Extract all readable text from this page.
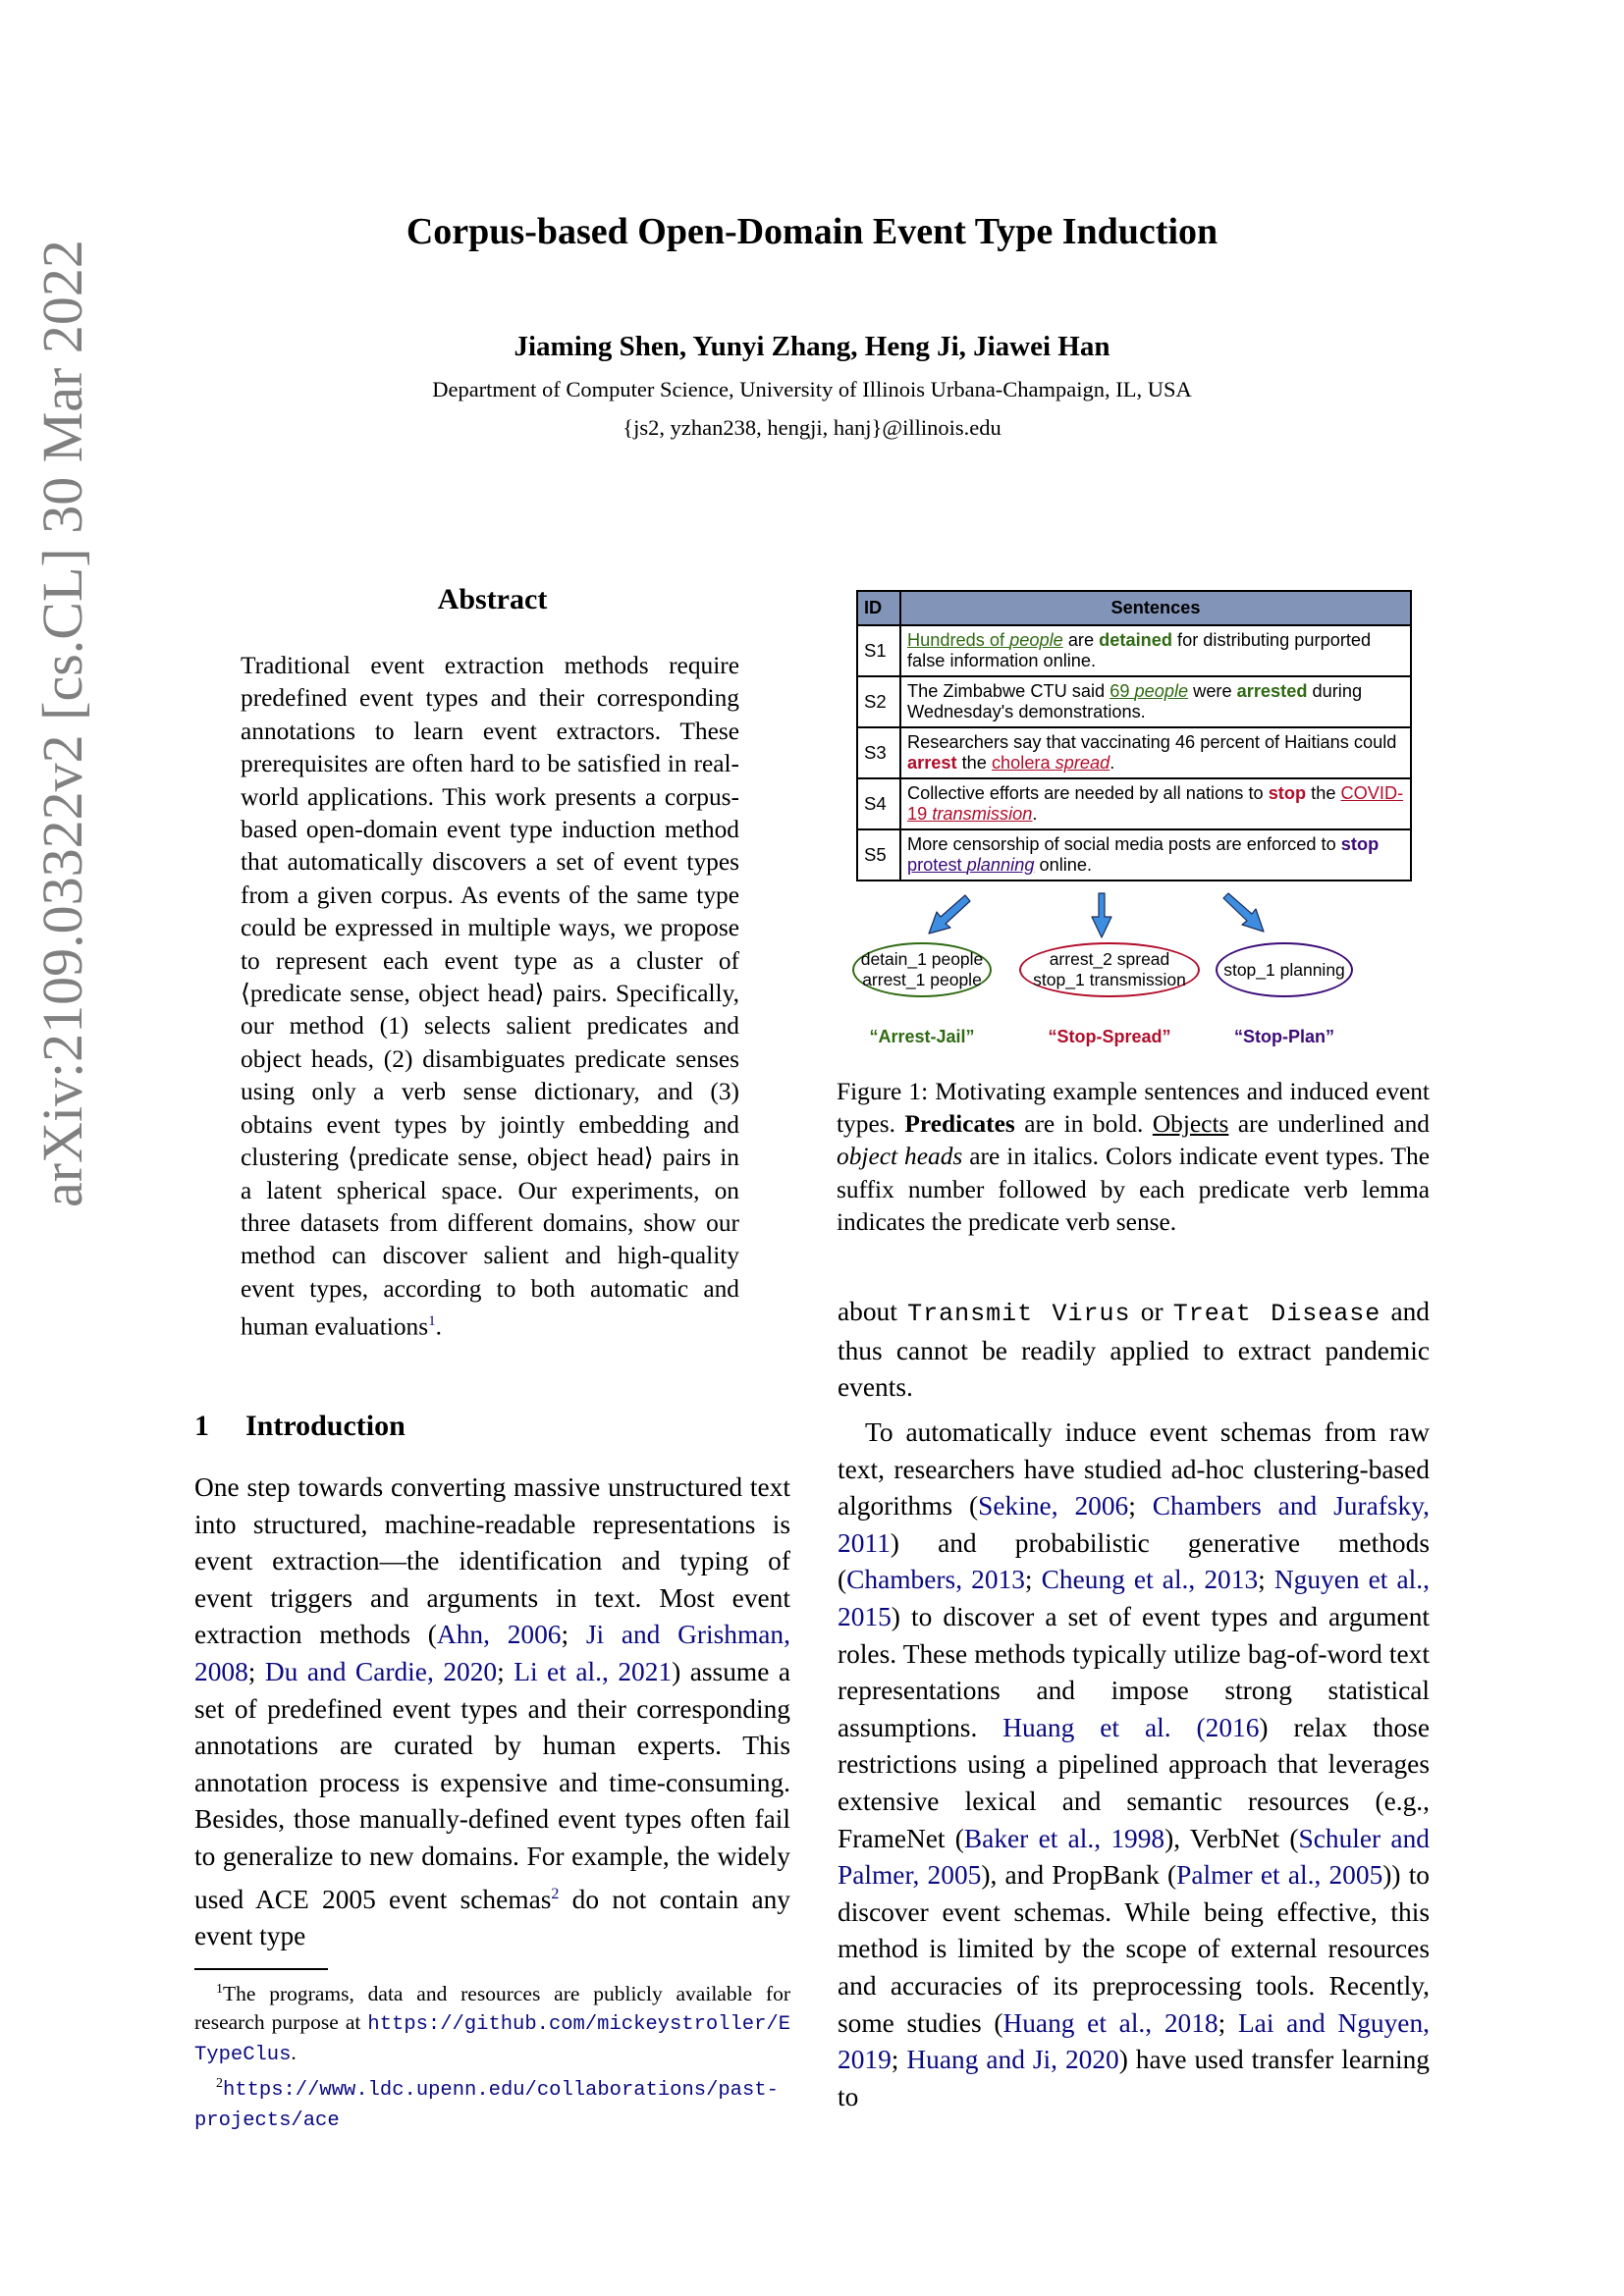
arXiv:2109.03322v2 [cs.CL] 30 Mar 2022
Corpus-based Open-Domain Event Type Induction
Jiaming Shen, Yunyi Zhang, Heng Ji, Jiawei Han
Department of Computer Science, University of Illinois Urbana-Champaign, IL, USA
{js2, yzhan238, hengji, hanj}@illinois.edu
Abstract
Traditional event extraction methods require predefined event types and their corresponding annotations to learn event extractors. These prerequisites are often hard to be satisfied in real-world applications. This work presents a corpus-based open-domain event type induction method that automatically discovers a set of event types from a given corpus. As events of the same type could be expressed in multiple ways, we propose to represent each event type as a cluster of ⟨predicate sense, object head⟩ pairs. Specifically, our method (1) selects salient predicates and object heads, (2) disambiguates predicate senses using only a verb sense dictionary, and (3) obtains event types by jointly embedding and clustering ⟨predicate sense, object head⟩ pairs in a latent spherical space. Our experiments, on three datasets from different domains, show our method can discover salient and high-quality event types, according to both automatic and human evaluations$^1$.
1 Introduction
One step towards converting massive unstructured text into structured, machine-readable representations is event extraction—the identification and typing of event triggers and arguments in text. Most event extraction methods (Ahn, 2006; Ji and Grishman, 2008; Du and Cardie, 2020; Li et al., 2021) assume a set of predefined event types and their corresponding annotations are curated by human experts. This annotation process is expensive and time-consuming. Besides, those manually-defined event types often fail to generalize to new domains. For example, the widely used ACE 2005 event schemas$^2$ do not contain any event type

$^1$The programs, data and resources are publicly available for research purpose at https://github.com/mickeystroller/ETypeClus.

$^2$https://www.ldc.upenn.edu/collaborations/past-projects/ace

ID	Sentences
S1	Hundreds of people are detained for distributing purported false information online.
S2	The Zimbabwe CTU said 69 people were arrested during Wednesday's demonstrations.
S3	Researchers say that vaccinating 46 percent of Haitians could arrest the cholera spread.
S4	Collective efforts are needed by all nations to stop the COVID-19 transmission.
S5	More censorship of social media posts are enforced to stop protest planning online.
detain_1 people
arrest_1 people
arrest_2 spread
stop_1 transmission
stop_1 planning
“Arrest-Jail”	“Stop-Spread”	“Stop-Plan”
Figure 1: Motivating example sentences and induced event types. Predicates are in bold. Objects are underlined and object heads are in italics. Colors indicate event types. The suffix number followed by each predicate verb lemma indicates the predicate verb sense.
about Transmit Virus or Treat Disease and thus cannot be readily applied to extract pandemic events.
To automatically induce event schemas from raw text, researchers have studied ad-hoc clustering-based algorithms (Sekine, 2006; Chambers and Jurafsky, 2011) and probabilistic generative methods (Chambers, 2013; Cheung et al., 2013; Nguyen et al., 2015) to discover a set of event types and argument roles. These methods typically utilize bag-of-word text representations and impose strong statistical assumptions. Huang et al. (2016) relax those restrictions using a pipelined approach that leverages extensive lexical and semantic resources (e.g., FrameNet (Baker et al., 1998), VerbNet (Schuler and Palmer, 2005), and PropBank (Palmer et al., 2005)) to discover event schemas. While being effective, this method is limited by the scope of external resources and accuracies of its preprocessing tools. Recently, some studies (Huang et al., 2018; Lai and Nguyen, 2019; Huang and Ji, 2020) have used transfer learning to
